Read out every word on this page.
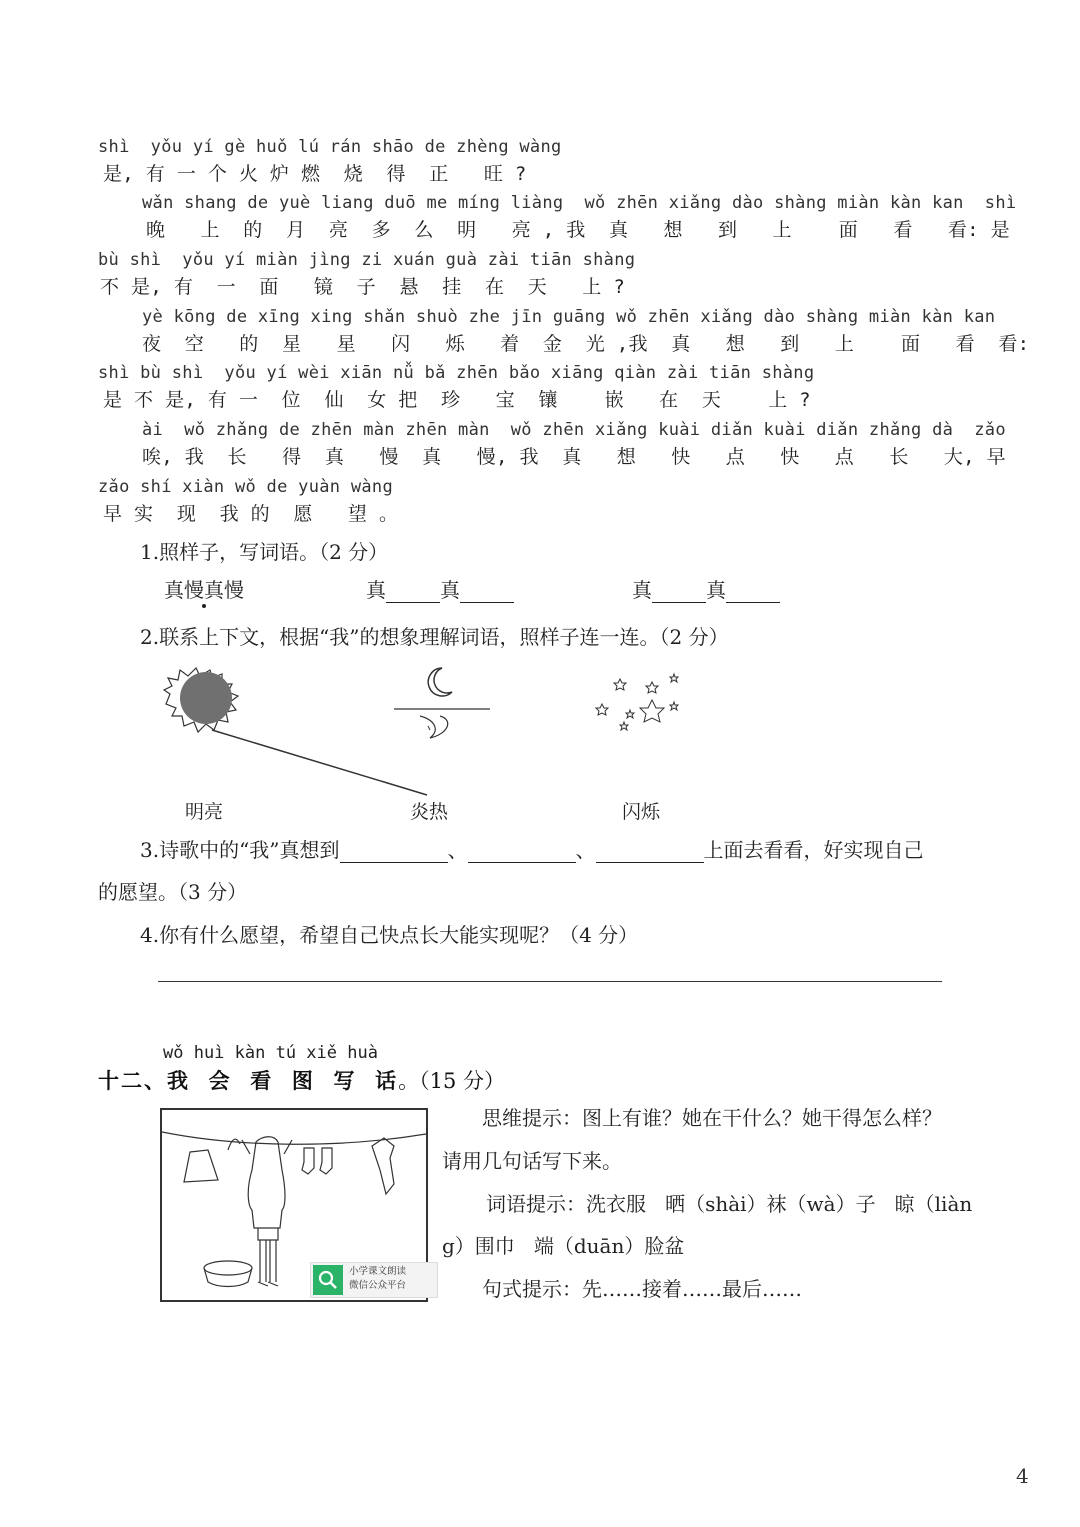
shì  yǒu yí gè huǒ lú rán shāo de zhèng wàng
是, 有 一 个 火 炉 燃  烧  得  正   旺 ?
wǎn shang de yuè liang duō me míng liàng  wǒ zhēn xiǎng dào shàng miàn kàn kan  shì
晚   上  的  月  亮  多  么  明   亮 , 我  真   想   到   上    面   看   看: 是
bù shì  yǒu yí miàn jìng zi xuán guà zài tiān shàng
不 是, 有  一  面   镜  子  悬  挂  在  天   上 ?
yè kōng de xīng xing shǎn shuò zhe jīn guāng wǒ zhēn xiǎng dào shàng miàn kàn kan
夜  空   的  星   星   闪   烁   着  金  光 ,我  真   想   到   上    面   看  看:
shì bù shì  yǒu yí wèi xiān nǚ bǎ zhēn bǎo xiāng qiàn zài tiān shàng
是 不 是, 有 一  位  仙  女 把  珍   宝  镶    嵌   在  天    上 ?
ài  wǒ zhǎng de zhēn màn zhēn màn  wǒ zhēn xiǎng kuài diǎn kuài diǎn zhǎng dà  zǎo
唉, 我  长   得  真   慢  真   慢, 我  真   想   快   点   快   点   长   大, 早
zǎo shí xiàn wǒ de yuàn wàng
早 实  现  我 的  愿   望 。
1.照样子，写词语。（2 分）
真慢真慢	真	真	真	真
2.联系上下文，根据“我”的想象理解词语，照样子连一连。（2 分）
明亮	炎热	闪烁
3.诗歌中的“我”真想到	、	、	上面去看看，好实现自己
的愿望。（3 分）
4.你有什么愿望，希望自己快点长大能实现呢？（4 分）
wǒ huì kàn tú xiě huà
十二、我  会  看  图  写  话。（15 分）
小学课文朗读
微信公众平台
思维提示：图上有谁？她在干什么？她干得怎么样？
请用几句话写下来。
词语提示：洗衣服   晒（shài）袜（wà）子   晾（liàn
g）围巾   端（duān）脸盆
句式提示：先……接着……最后……
4
